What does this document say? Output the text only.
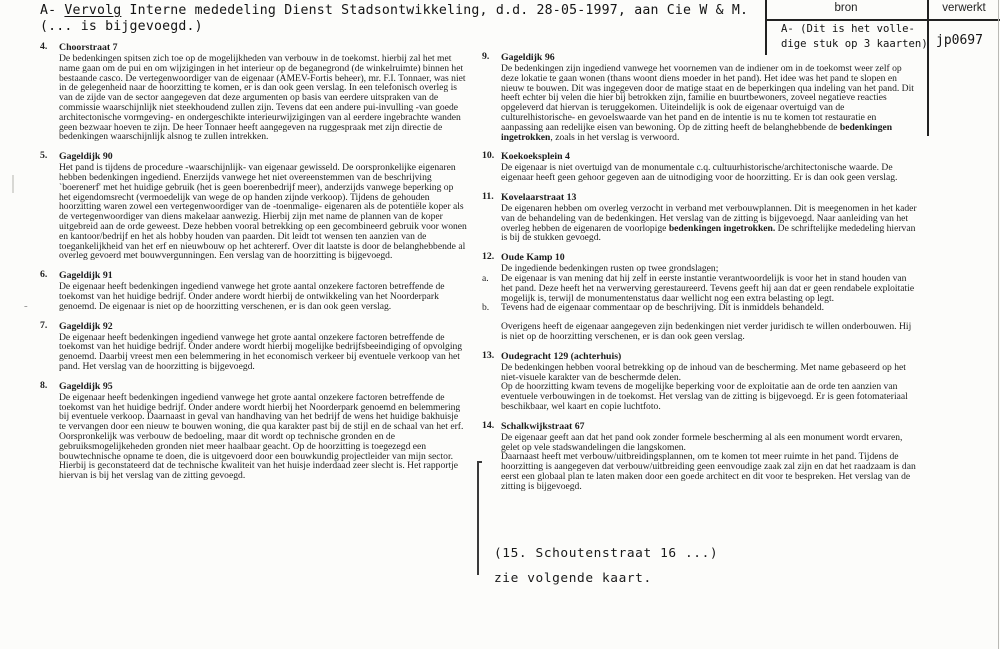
A- Vervolg Interne mededeling Dienst Stadsontwikkeling, d.d. 28-05-1997, aan Cie W & M.
(... is bijgevoegd.)
bron	verwerkt
A- (Dit is het volle-
dige stuk op 3 kaarten) jp0697
4. Choorstraat 7

De bedenkingen spitsen zich toe op de mogelijkheden van verbouw in de toekomst. hierbij zal het met name gaan om de pui en om wijzigingen in het interieur op de beganegrond (de winkelruimte) binnen het bestaande casco. De vertegenwoordiger van de eigenaar (AMEV-Fortis beheer), mr. F.I. Tonnaer, was niet in de gelegenheid naar de hoorzitting te komen, er is dan ook geen verslag. In een telefonisch overleg is van de zijde van de sector aangegeven dat deze argumenten op basis van eerdere uitspraken van de commissie waarschijnlijk niet steekhoudend zullen zijn. Tevens dat een andere pui-invulling -van goede architectonische vormgeving- en ondergeschikte interieurwijzigingen van al eerdere ingebrachte wanden geen bezwaar hoeven te zijn. De heer Tonnaer heeft aangegeven na ruggespraak met zijn directie de bedenkingen waarschijnlijk alsnog te zullen intrekken.

5. Gageldijk 90

Het pand is tijdens de procedure -waarschijnlijk- van eigenaar gewisseld. De oorspronkelijke eigenaren hebben bedenkingen ingediend. Enerzijds vanwege het niet overeenstemmen van de beschrijving `boerenerf' met het huidige gebruik (het is geen boerenbedrijf meer), anderzijds vanwege beperking op het eigendomsrecht (vermoedelijk van wege de op handen zijnde verkoop). Tijdens de gehouden hoorzitting waren zowel een vertegenwoordiger van de -toenmalige- eigenaren als de potentiële koper als de vertegenwoordiger van diens makelaar aanwezig. Hierbij zijn met name de plannen van de koper uitgebreid aan de orde geweest. Deze hebben vooral betrekking op een gecombineerd gebruik voor wonen en kantoor/bedrijf en het als hobby houden van paarden. Dit leidt tot wensen ten aanzien van de toegankelijkheid van het erf en nieuwbouw op het achtererf. Over dit laatste is door de belanghebbende al overleg gevoerd met bouwvergunningen. Een verslag van de hoorzitting is bijgevoegd.

6. Gageldijk 91

De eigenaar heeft bedenkingen ingediend vanwege het grote aantal onzekere factoren betreffende de toekomst van het huidige bedrijf. Onder andere wordt hierbij de ontwikkeling van het Noorderpark genoemd. De eigenaar is niet op de hoorzitting verschenen, er is dan ook geen verslag.

7. Gageldijk 92

De eigenaar heeft bedenkingen ingediend vanwege het grote aantal onzekere factoren betreffende de toekomst van het huidige bedrijf. Onder andere wordt hierbij mogelijke bedrijfsbeeindiging of opvolging genoemd. Daarbij vreest men een belemmering in het economisch verkeer bij eventuele verkoop van het pand. Het verslag van de hoorzitting is bijgevoegd.

8. Gageldijk 95

De eigenaar heeft bedenkingen ingediend vanwege het grote aantal onzekere factoren betreffende de toekomst van het huidige bedrijf. Onder andere wordt hierbij het Noorderpark genoemd en belemmering bij eventuele verkoop. Daarnaast in geval van handhaving van het bedrijf de wens het huidige bakhuisje te vervangen door een nieuw te bouwen woning, die qua karakter past bij de stijl en de schaal van het erf. Oorspronkelijk was verbouw de bedoeling, maar dit wordt op technische gronden en de gebruiksmogelijkeheden gronden niet meer haalbaar geacht. Op de hoorzitting is toegezegd een bouwtechnische opname te doen, die is uitgevoerd door een bouwkundig projectleider van mijn sector. Hierbij is geconstateerd dat de technische kwaliteit van het huisje inderdaad zeer slecht is. Het rapportje hiervan is bij het verslag van de zitting gevoegd.

9. Gageldijk 96

De bedenkingen zijn ingediend vanwege het voornemen van de indiener om in de toekomst weer zelf op deze lokatie te gaan wonen (thans woont diens moeder in het pand). Het idee was het pand te slopen en nieuw te bouwen. Dit was ingegeven door de matige staat en de beperkingen qua indeling van het pand. Dit heeft echter bij velen die hier bij betrokken zijn, familie en buurtbewoners, zoveel negatieve reacties opgeleverd dat hiervan is teruggekomen. Uiteindelijk is ook de eigenaar overtuigd van de culturelhistorische- en gevoelswaarde van het pand en de intentie is nu te komen tot restauratie en aanpassing aan redelijke eisen van bewoning. Op de zitting heeft de belanghebbende de bedenkingen ingetrokken, zoals in het verslag is verwoord.

10. Koekoeksplein 4

De eigenaar is niet overtuigd van de monumentale c.q. cultuurhistorische/architectonische waarde. De eigenaar heeft geen gehoor gegeven aan de uitnodiging voor de hoorzitting. Er is dan ook geen verslag.

11. Kovelaarstraat 13

De eigenaren hebben om overleg verzocht in verband met verbouwplannen. Dit is meegenomen in het kader van de behandeling van de bedenkingen. Het verslag van de zitting is bijgevoegd. Naar aanleiding van het overleg hebben de eigenaren de voorlopige bedenkingen ingetrokken. De schriftelijke mededeling hiervan is bij de stukken gevoegd.

12. Oude Kamp 10

De ingediende bedenkingen rusten op twee grondslagen;

a. De eigenaar is van mening dat hij zelf in eerste instantie verantwoordelijk is voor het in stand houden van het pand. Deze heeft het na verwerving gerestaureerd. Tevens geeft hij aan dat er geen rendabele exploitatie mogelijk is, terwijl de monumentenstatus daar wellicht nog een extra belasting op legt.

b. Tevens had de eigenaar commentaar op de beschrijving. Dit is inmiddels behandeld.

Overigens heeft de eigenaar aangegeven zijn bedenkingen niet verder juridisch te willen onderbouwen. Hij is niet op de hoorzitting verschenen, er is dan ook geen verslag.

13. Oudegracht 129 (achterhuis)

De bedenkingen hebben vooral betrekking op de inhoud van de bescherming. Met name gebaseerd op het niet-visuele karakter van de beschermde delen.

Op de hoorzitting kwam tevens de mogelijke beperking voor de exploitatie aan de orde ten aanzien van eventuele verbouwingen in de toekomst. Het verslag van de zitting is bijgevoegd. Er is geen fotomateriaal beschikbaar, wel kaart en copie luchtfoto.

14. Schalkwijkstraat 67

De eigenaar geeft aan dat het pand ook zonder formele bescherming al als een monument wordt ervaren, gelet op vele stadswandelingen die langskomen.

Daarnaast heeft met verbouw/uitbreidingsplannen, om te komen tot meer ruimte in het pand. Tijdens de hoorzitting is aangegeven dat verbouw/uitbreiding geen eenvoudige zaak zal zijn en dat het raadzaam is dan eerst een globaal plan te laten maken door een goede architect en dit voor te bespreken. Het verslag van de zitting is bijgevoegd.

(15. Schoutenstraat 16 ...)
zie volgende kaart.
-
